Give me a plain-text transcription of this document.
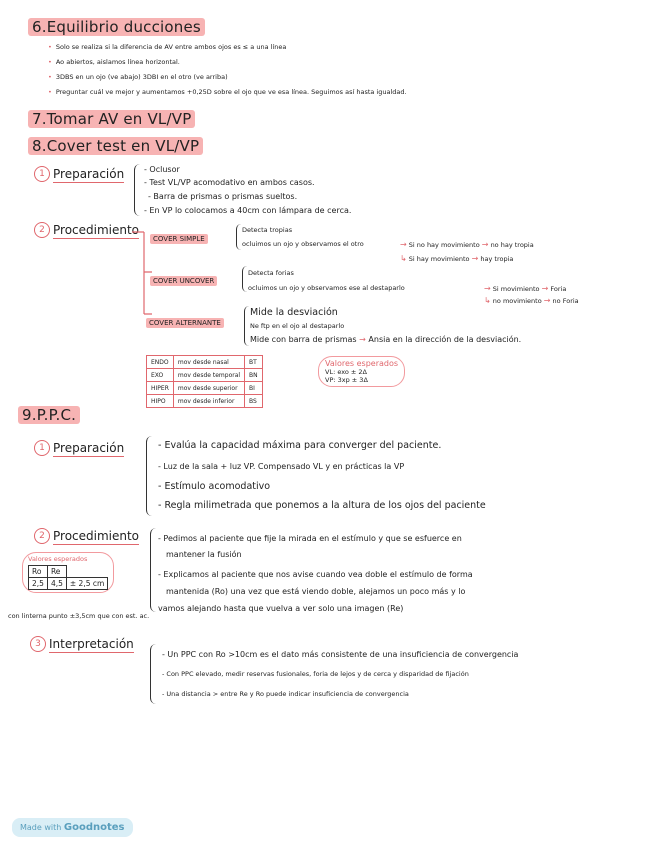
6.Equilibrio ducciones
• Solo se realiza si la diferencia de AV entre ambos ojos es ≤ a una línea
• Ao abiertos, aislamos línea horizontal.
• 3DBS en un ojo (ve abajo) 3DBI en el otro (ve arriba)
• Preguntar cuál ve mejor y aumentamos +0,25D sobre el ojo que ve esa línea. Seguimos así hasta igualdad.
7.Tomar AV en VL/VP
8.Cover test en VL/VP
1 Preparación - Oclusor
- Test VL/VP acomodativo en ambos casos.
- Barra de prismas o prismas sueltos.
- En VP lo colocamos a 40cm con lámpara de cerca.
2 Procedimiento
COVER SIMPLE
Detecta tropias
ocluimos un ojo y observamos el otro	→ Si no hay movimiento → no hay tropia
↳ Si hay movimiento → hay tropia
COVER UNCOVER
Detecta forias
ocluimos un ojo y observamos ese al destaparlo	→ Si movimiento → Foria
↳ no movimiento → no Foria
COVER ALTERNANTE
Mide la desviación
Ne ftp en el ojo al destaparlo
Mide con barra de prismas → Ansia en la dirección de la desviación.
ENDO	mov desde nasal	BT
EXO	mov desde temporal	BN
HIPER	mov desde superior	BI
HIPO	mov desde inferior	BS
Valores esperados
VL: exo ± 2Δ
VP: 3xp ± 3Δ
9.P.P.C.
1 Preparación	- Evalúa la capacidad máxima para converger del paciente.
- Luz de la sala + luz VP. Compensado VL y en prácticas la VP
- Estímulo acomodativo
- Regla milimetrada que ponemos a la altura de los ojos del paciente
2 Procedimiento - Pedimos al paciente que fije la mirada en el estímulo y que se esfuerce en
mantener la fusión
- Explicamos al paciente que nos avise cuando vea doble el estímulo de forma
mantenida (Ro) una vez que está viendo doble, alejamos un poco más y lo
vamos alejando hasta que vuelva a ver solo una imagen (Re)
Valores esperados
Ro	Re	
2,5	4,5	± 2,5 cm
con linterna punto ±3,5cm que con est. ac.
3 Interpretación
- Un PPC con Ro >10cm es el dato más consistente de una insuficiencia de convergencia
- Con PPC elevado, medir reservas fusionales, foria de lejos y de cerca y disparidad de fijación
- Una distancia > entre Re y Ro puede indicar insuficiencia de convergencia
Made with Goodnotes
